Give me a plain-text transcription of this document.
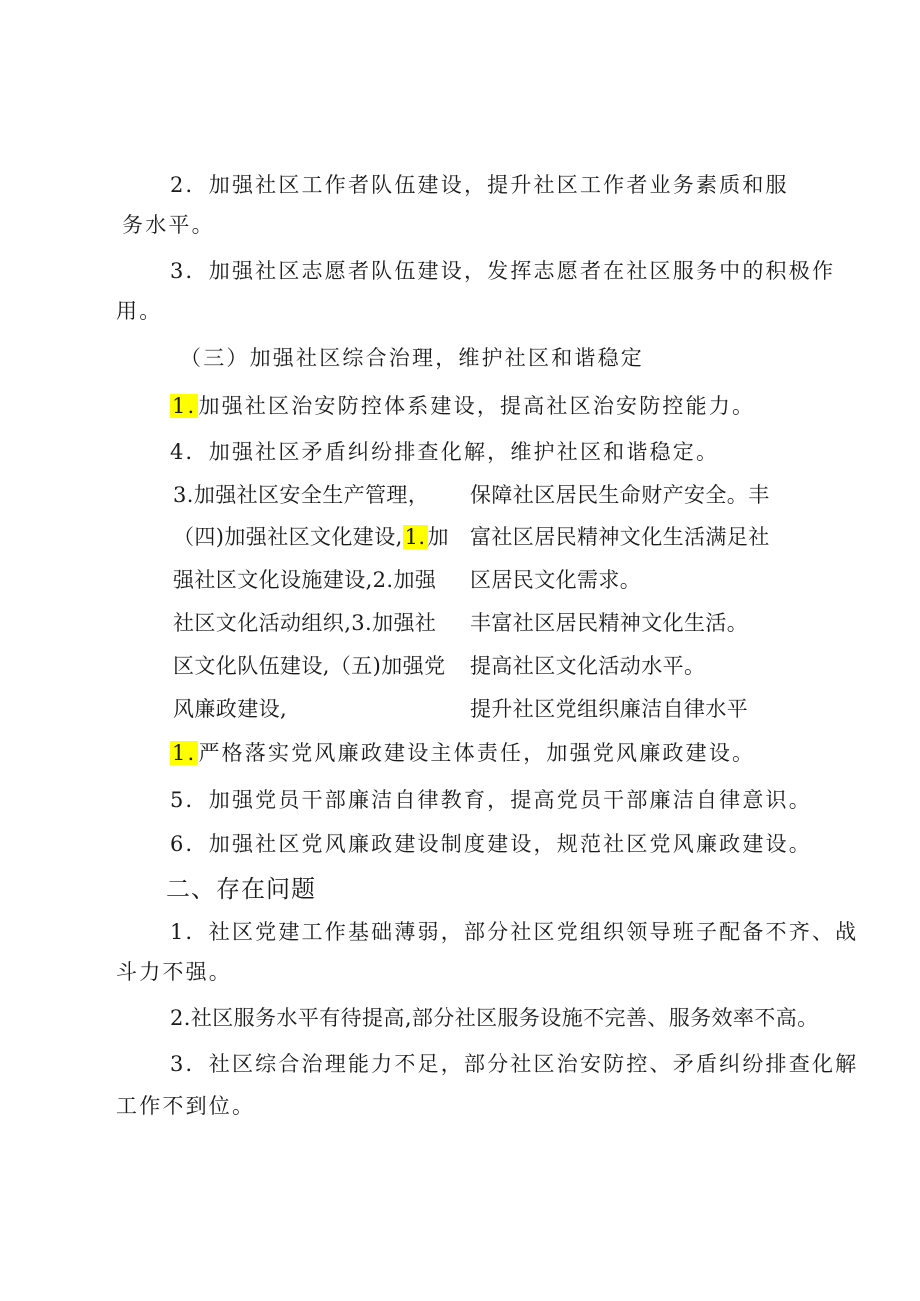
2．加强社区工作者队伍建设，提升社区工作者业务素质和服
务水平。
3．加强社区志愿者队伍建设，发挥志愿者在社区服务中的积极作
用。
（三）加强社区综合治理，维护社区和谐稳定
1.加强社区治安防控体系建设，提高社区治安防控能力。
4．加强社区矛盾纠纷排查化解，维护社区和谐稳定。
3.加强社区安全生产管理， 保障社区居民生命财产安全。丰
（四)加强社区文化建设,1.加 富社区居民精神文化生活满足社
强社区文化设施建设,2.加强 区居民文化需求。
社区文化活动组织,3.加强社 丰富社区居民精神文化生活。
区文化队伍建设,（五)加强党 提高社区文化活动水平。
风廉政建设,	提升社区党组织廉洁自律水平
1.严格落实党风廉政建设主体责任，加强党风廉政建设。
5．加强党员干部廉洁自律教育，提高党员干部廉洁自律意识。
6．加强社区党风廉政建设制度建设，规范社区党风廉政建设。
二、存在问题
1．社区党建工作基础薄弱，部分社区党组织领导班子配备不齐、战
斗力不强。
2.社区服务水平有待提高,部分社区服务设施不完善、服务效率不高。
3．社区综合治理能力不足，部分社区治安防控、矛盾纠纷排查化解
工作不到位。
